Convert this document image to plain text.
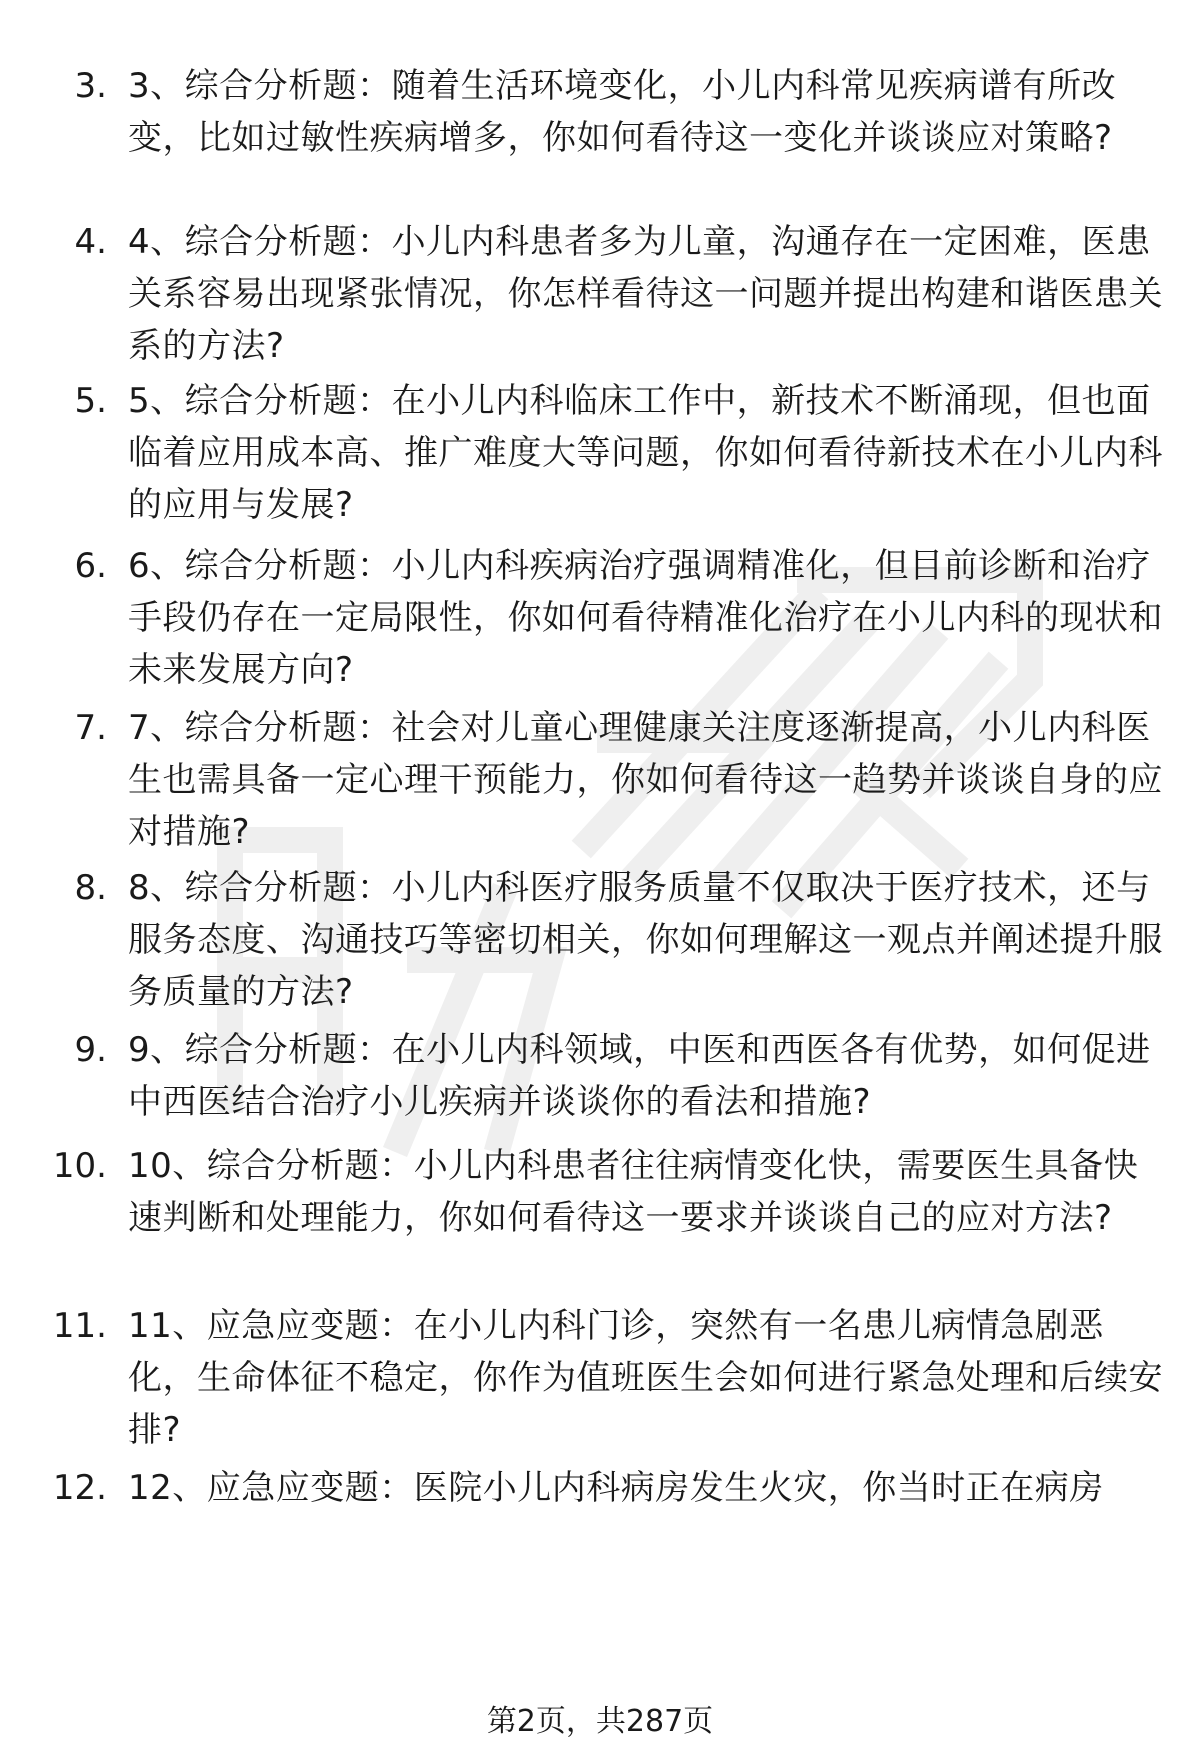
3. 3、综合分析题：随着生活环境变化，小儿内科常见疾病谱有所改变，比如过敏性疾病增多，你如何看待这一变化并谈谈应对策略?
4. 4、综合分析题：小儿内科患者多为儿童，沟通存在一定困难，医患关系容易出现紧张情况，你怎样看待这一问题并提出构建和谐医患关系的方法?
5. 5、综合分析题：在小儿内科临床工作中，新技术不断涌现，但也面临着应用成本高、推广难度大等问题，你如何看待新技术在小儿内科的应用与发展?
6. 6、综合分析题：小儿内科疾病治疗强调精准化，但目前诊断和治疗手段仍存在一定局限性，你如何看待精准化治疗在小儿内科的现状和未来发展方向?
7. 7、综合分析题：社会对儿童心理健康关注度逐渐提高，小儿内科医生也需具备一定心理干预能力，你如何看待这一趋势并谈谈自身的应对措施?
8. 8、综合分析题：小儿内科医疗服务质量不仅取决于医疗技术，还与服务态度、沟通技巧等密切相关，你如何理解这一观点并阐述提升服务质量的方法?
9. 9、综合分析题：在小儿内科领域，中医和西医各有优势，如何促进中西医结合治疗小儿疾病并谈谈你的看法和措施?
10. 10、综合分析题：小儿内科患者往往病情变化快，需要医生具备快速判断和处理能力，你如何看待这一要求并谈谈自己的应对方法?
11. 11、应急应变题：在小儿内科门诊，突然有一名患儿病情急剧恶化，生命体征不稳定，你作为值班医生会如何进行紧急处理和后续安排?
12. 12、应急应变题：医院小儿内科病房发生火灾，你当时正在病房
第2页，共287页
